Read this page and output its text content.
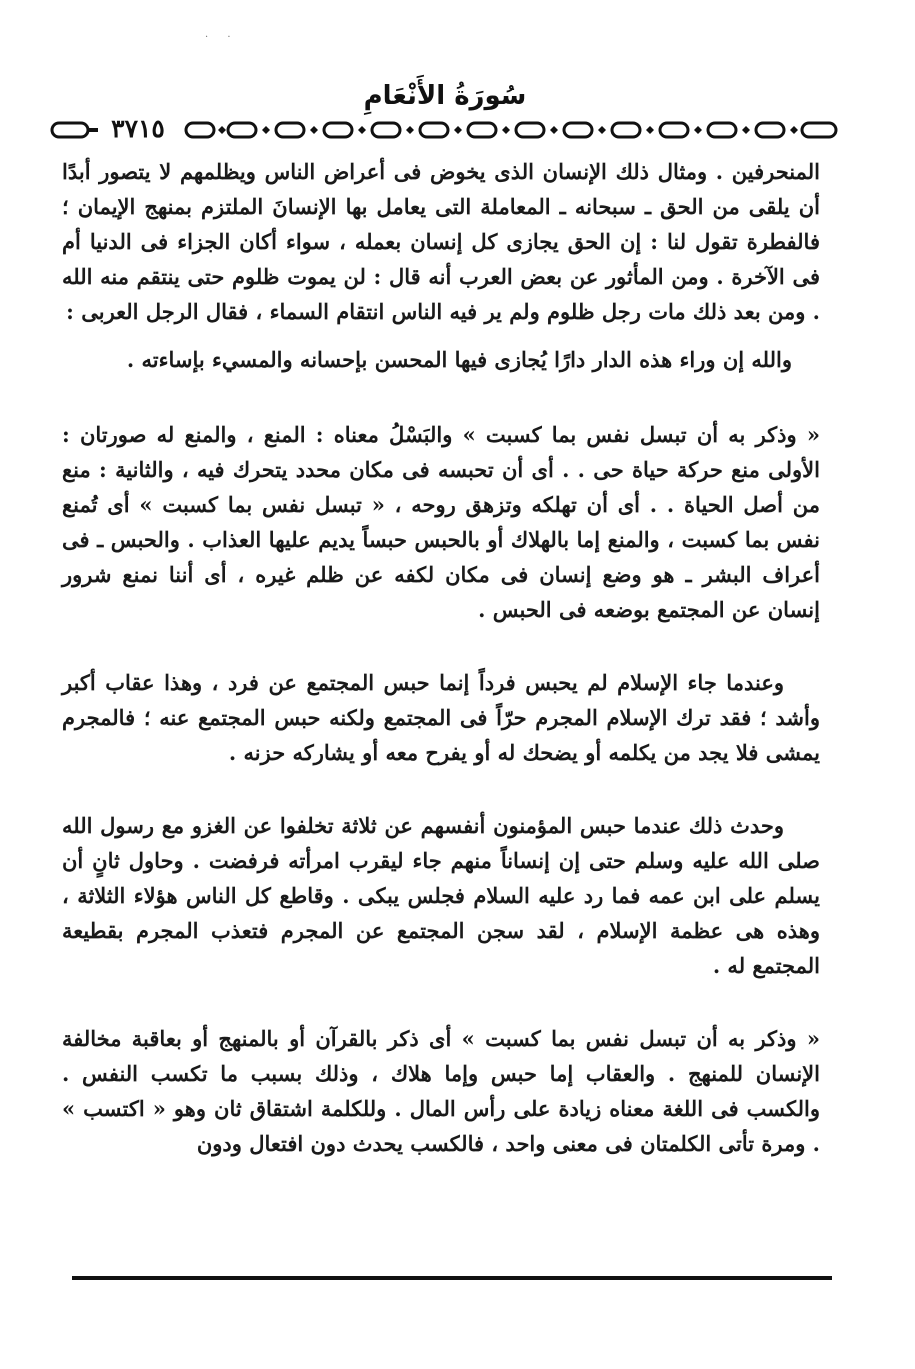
· ·
سُورَةُ الأَنْعَامِ
٣٧١٥

المنحرفين . ومثال ذلك الإنسان الذى يخوض فى أعراض الناس ويظلمهم لا يتصور أبدًا أن يلقى من الحق ـ سبحانه ـ المعاملة التى يعامل بها الإنسانَ الملتزم بمنهج الإيمان ؛ فالفطرة تقول لنا : إن الحق يجازى كل إنسان بعمله ، سواء أكان الجزاء فى الدنيا أم فى الآخرة . ومن المأثور عن بعض العرب أنه قال : لن يموت ظلوم حتى ينتقم منه الله . ومن بعد ذلك مات رجل ظلوم ولم ير فيه الناس انتقام السماء ، فقال الرجل العربى :

والله إن وراء هذه الدار دارًا يُجازى فيها المحسن بإحسانه والمسيء بإساءته .

« وذكر به أن تبسل نفس بما كسبت » والبَسْلُ معناه : المنع ، والمنع له صورتان : الأولى منع حركة حياة حى . . أى أن تحبسه فى مكان محدد يتحرك فيه ، والثانية : منع من أصل الحياة . . أى أن تهلكه وتزهق روحه ، « تبسل نفس بما كسبت » أى تُمنع نفس بما كسبت ، والمنع إما بالهلاك أو بالحبس حبساً يديم عليها العذاب . والحبس ـ فى أعراف البشر ـ هو وضع إنسان فى مكان لكفه عن ظلم غيره ، أى أننا نمنع شرور إنسان عن المجتمع بوضعه فى الحبس .

وعندما جاء الإسلام لم يحبس فرداً إنما حبس المجتمع عن فرد ، وهذا عقاب أكبر وأشد ؛ فقد ترك الإسلام المجرم حرّاً فى المجتمع ولكنه حبس المجتمع عنه ؛ فالمجرم يمشى فلا يجد من يكلمه أو يضحك له أو يفرح معه أو يشاركه حزنه .

وحدث ذلك عندما حبس المؤمنون أنفسهم عن ثلاثة تخلفوا عن الغزو مع رسول الله صلى الله عليه وسلم حتى إن إنساناً منهم جاء ليقرب امرأته فرفضت . وحاول ثانٍ أن يسلم على ابن عمه فما رد عليه السلام فجلس يبكى . وقاطع كل الناس هؤلاء الثلاثة ، وهذه هى عظمة الإسلام ، لقد سجن المجتمع عن المجرم فتعذب المجرم بقطيعة المجتمع له .

« وذكر به أن تبسل نفس بما كسبت » أى ذكر بالقرآن أو بالمنهج أو بعاقبة مخالفة الإنسان للمنهج . والعقاب إما حبس وإما هلاك ، وذلك بسبب ما تكسب النفس . والكسب فى اللغة معناه زيادة على رأس المال . وللكلمة اشتقاق ثان وهو « اكتسب » . ومرة تأتى الكلمتان فى معنى واحد ، فالكسب يحدث دون افتعال ودون
